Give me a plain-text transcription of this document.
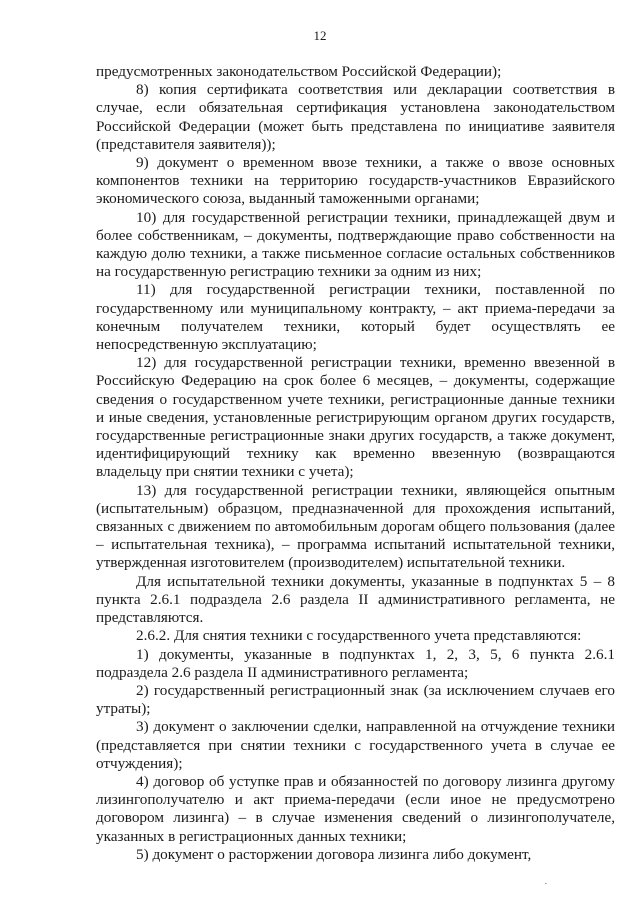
12

предусмотренных законодательством Российской Федерации);

8) копия сертификата соответствия или декларации соответствия в случае, если обязательная сертификация установлена законодательством Российской Федерации (может быть представлена по инициативе заявителя (представителя заявителя));

9) документ о временном ввозе техники, а также о ввозе основных компонентов техники на территорию государств-участников Евразийского экономического союза, выданный таможенными органами;

10) для государственной регистрации техники, принадлежащей двум и более собственникам, – документы, подтверждающие право собственности на каждую долю техники, а также письменное согласие остальных собственников на государственную регистрацию техники за одним из них;

11) для государственной регистрации техники, поставленной по государственному или муниципальному контракту, – акт приема-передачи за конечным получателем техники, который будет осуществлять ее непосредственную эксплуатацию;

12) для государственной регистрации техники, временно ввезенной в Российскую Федерацию на срок более 6 месяцев, – документы, содержащие сведения о государственном учете техники, регистрационные данные техники и иные сведения, установленные регистрирующим органом других государств, государственные регистрационные знаки других государств, а также документ, идентифицирующий технику как временно ввезенную (возвращаются владельцу при снятии техники с учета);

13) для государственной регистрации техники, являющейся опытным (испытательным) образцом, предназначенной для прохождения испытаний, связанных с движением по автомобильным дорогам общего пользования (далее – испытательная техника), – программа испытаний испытательной техники, утвержденная изготовителем (производителем) испытательной техники.

Для испытательной техники документы, указанные в подпунктах 5 – 8 пункта 2.6.1 подраздела 2.6 раздела II административного регламента, не представляются.

2.6.2. Для снятия техники с государственного учета представляются:

1) документы, указанные в подпунктах 1, 2, 3, 5, 6 пункта 2.6.1 подраздела 2.6 раздела II административного регламента;

2) государственный регистрационный знак (за исключением случаев его утраты);

3) документ о заключении сделки, направленной на отчуждение техники (представляется при снятии техники с государственного учета в случае ее отчуждения);

4) договор об уступке прав и обязанностей по договору лизинга другому лизингополучателю и акт приема-передачи (если иное не предусмотрено договором лизинга) – в случае изменения сведений о лизингополучателе, указанных в регистрационных данных техники;

5) документ о расторжении договора лизинга либо документ,

·
